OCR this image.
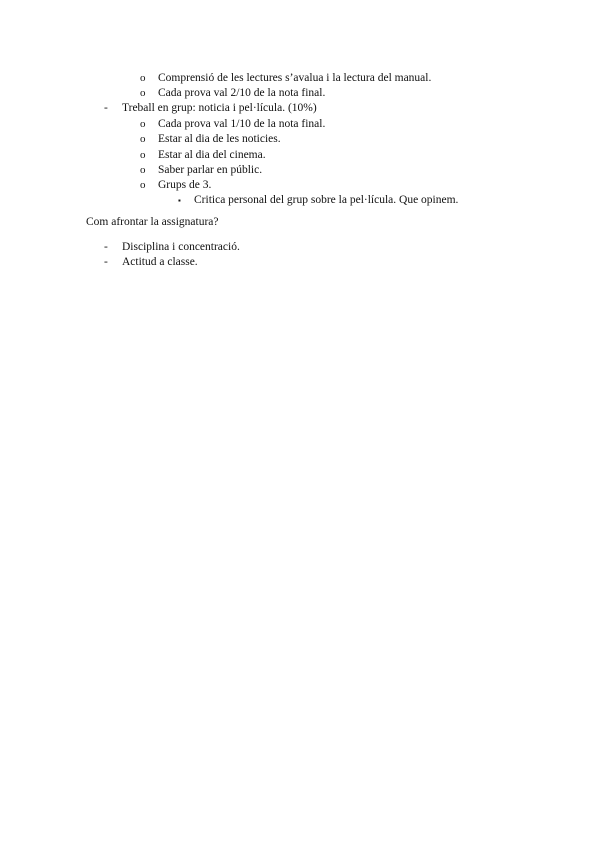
o Comprensió de les lectures s’avalua i la lectura del manual.
o Cada prova val 2/10 de la nota final.
- Treball en grup: noticia i pel·lícula. (10%)
o Cada prova val 1/10 de la nota final.
o Estar al dia de les noticies.
o Estar al dia del cinema.
o Saber parlar en públic.
o Grups de 3.
▪ Critica personal del grup sobre la pel·lícula. Que opinem.
Com afrontar la assignatura?
- Disciplina i concentració.
- Actitud a classe.
